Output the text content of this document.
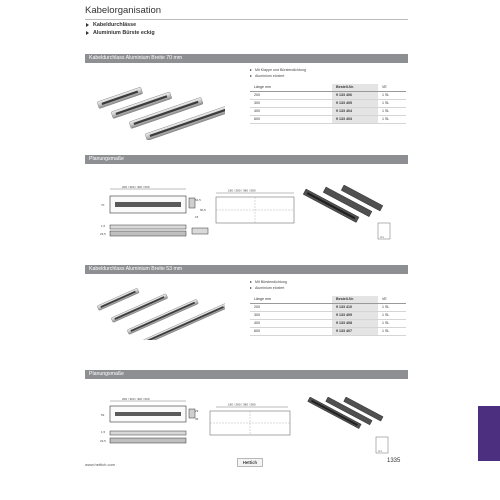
Kabelorganisation
Kabeldurchlässe
Aluminium Bürste eckig
Kabeldurchlass Aluminium Breite 70 mm
Mit Klappe und Bürstendichtung
Aluminium eloxiert
Länge mm	Bestell-Nr.	VE
200	9 133 406	1 St.
300	9 133 405	1 St.
400	9 133 404	1 St.
600	9 133 403	1 St.
Planungsmaße
200 / 300 / 400 / 600
70
54,5
60,5
15
1,5
23,5
180 / 280 / 380 / 580
4 x
Kabeldurchlass Aluminium Breite 53 mm
Mit Bürstendichtung
Aluminium eloxiert
Länge mm	Bestell-Nr.	VE
200	9 133 410	1 St.
300	9 133 409	1 St.
400	9 133 408	1 St.
600	9 133 407	1 St.
Planungsmaße
200 / 300 / 400 / 600
53
23
36
1,5
23,5
180 / 280 / 380 / 580
4 x
www.hettich.com	Hettich	1335
